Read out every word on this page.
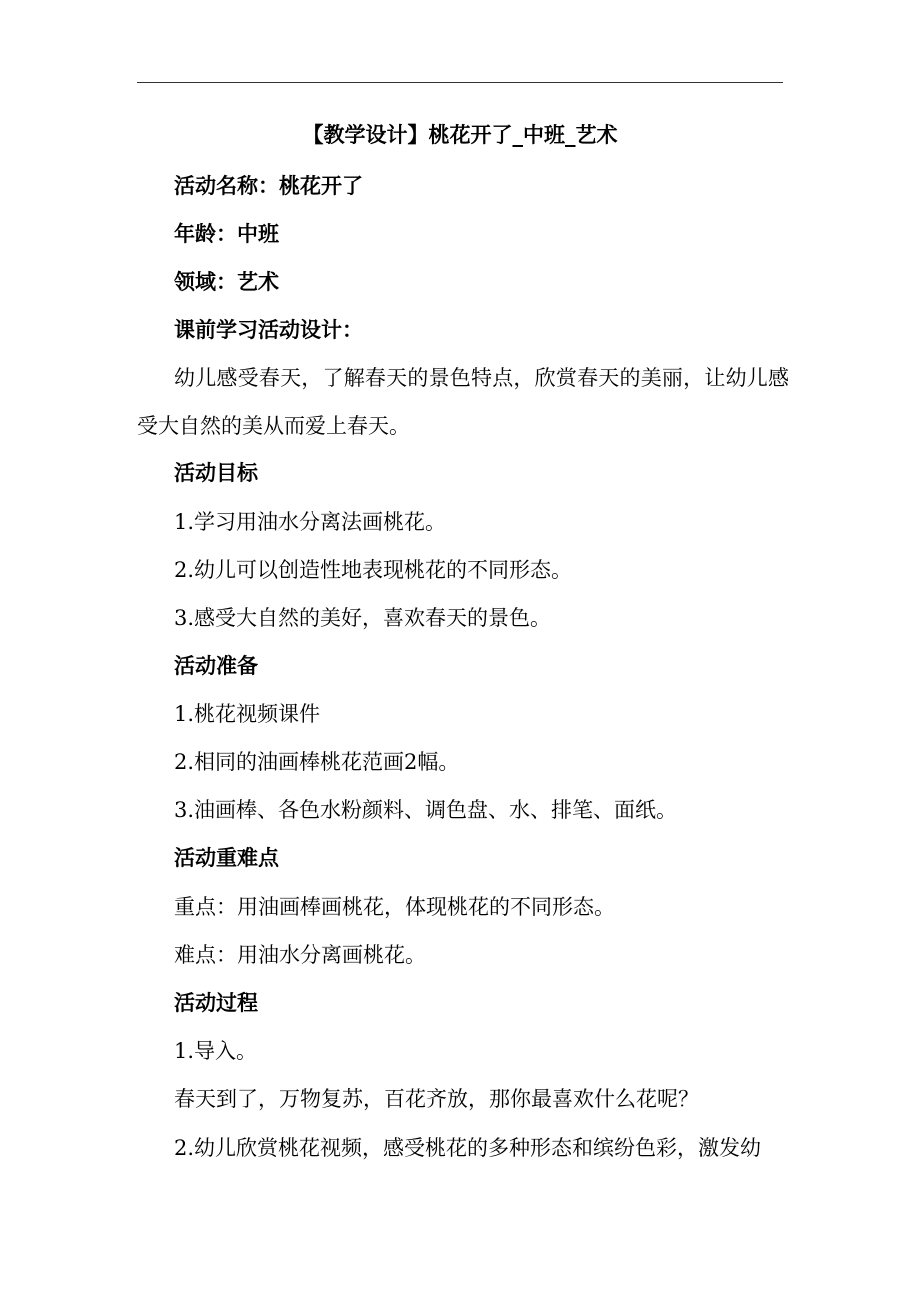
【教学设计】桃花开了_中班_艺术
活动名称：桃花开了
年龄：中班
领域：艺术
课前学习活动设计：
幼儿感受春天，了解春天的景色特点，欣赏春天的美丽，让幼儿感受大自然的美从而爱上春天。
活动目标
1.学习用油水分离法画桃花。
2.幼儿可以创造性地表现桃花的不同形态。
3.感受大自然的美好，喜欢春天的景色。
活动准备
1.桃花视频课件
2.相同的油画棒桃花范画2幅。
3.油画棒、各色水粉颜料、调色盘、水、排笔、面纸。
活动重难点
重点：用油画棒画桃花，体现桃花的不同形态。
难点：用油水分离画桃花。
活动过程
1.导入。
春天到了，万物复苏，百花齐放，那你最喜欢什么花呢？
2.幼儿欣赏桃花视频，感受桃花的多种形态和缤纷色彩，激发幼
